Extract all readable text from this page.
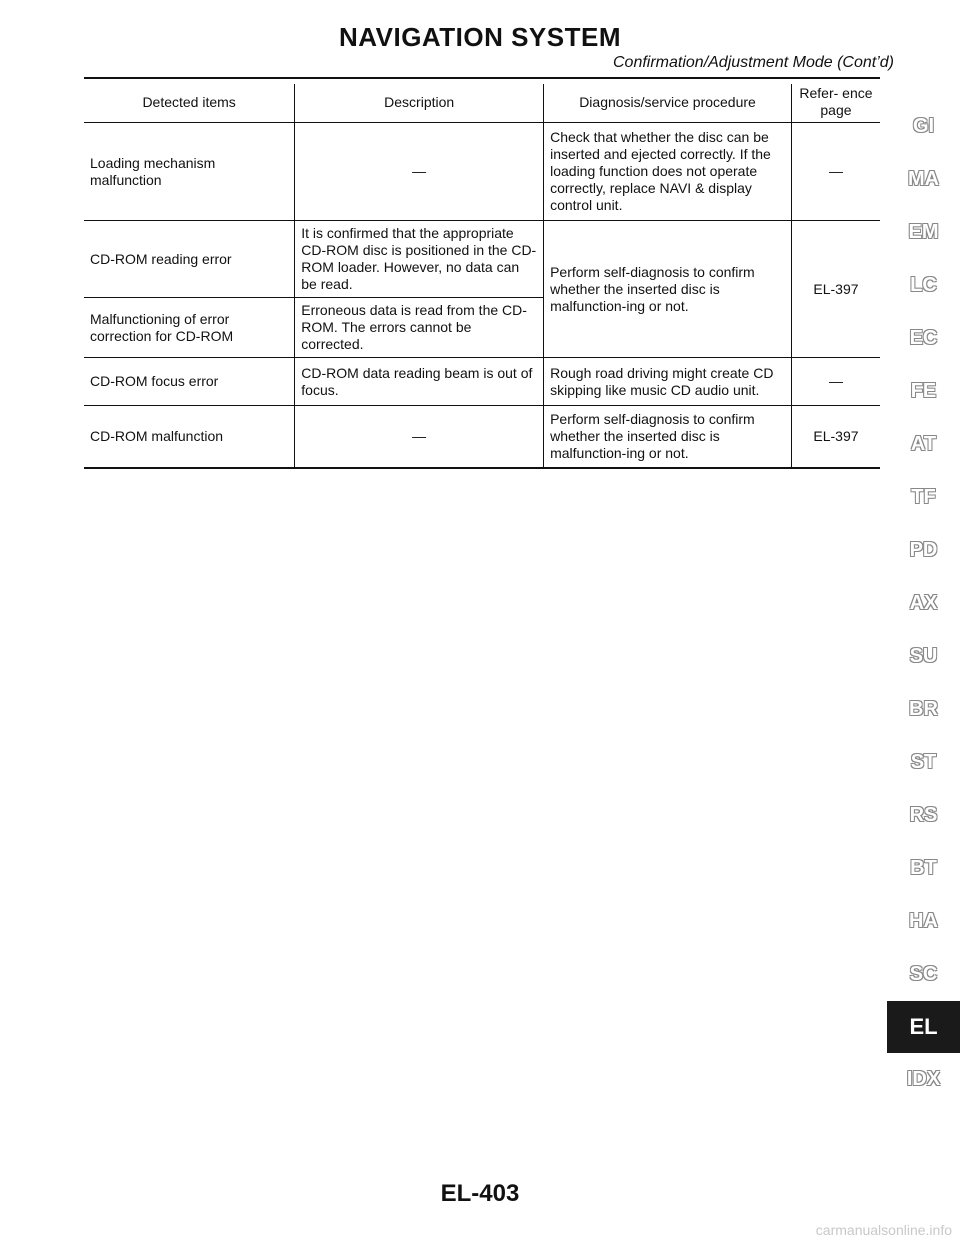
NAVIGATION SYSTEM
Confirmation/Adjustment Mode (Cont’d)
Detected items	Description	Diagnosis/service procedure	Refer- ence page
Loading mechanism malfunction	—	Check that whether the disc can be inserted and ejected correctly. If the loading function does not operate correctly, replace NAVI & display control unit.	—
CD-ROM reading error	It is confirmed that the appropriate CD-ROM disc is positioned in the CD-ROM loader. However, no data can be read.	Perform self-diagnosis to confirm whether the inserted disc is malfunction-ing or not.	EL-397
Malfunctioning of error correction for CD-ROM	Erroneous data is read from the CD-ROM. The errors cannot be corrected.		
CD-ROM focus error	CD-ROM data reading beam is out of focus.	Rough road driving might create CD skipping like music CD audio unit.	—
CD-ROM malfunction	—	Perform self-diagnosis to confirm whether the inserted disc is malfunction-ing or not.	EL-397
GI
MA
EM
LC
EC
FE
AT
TF
PD
AX
SU
BR
ST
RS
BT
HA
SC
EL
IDX
EL-403
carmanualsonline.info
